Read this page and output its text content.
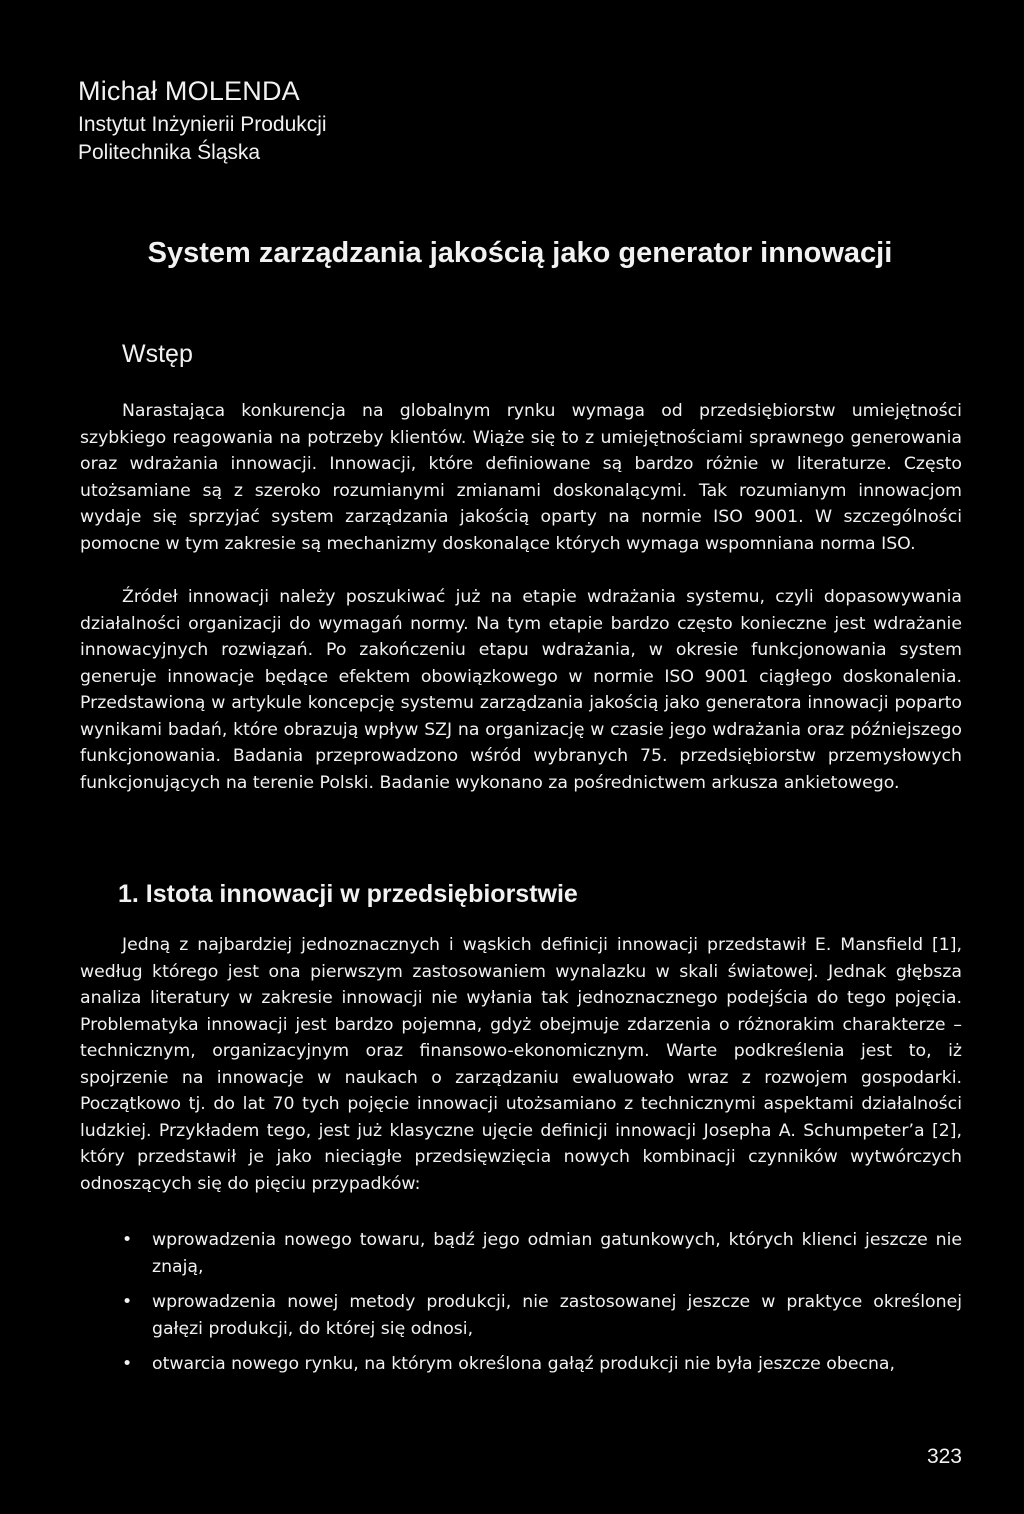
Michał MOLENDA

Instytut Inżynierii Produkcji

Politechnika Śląska

System zarządzania jakością jako generator innowacji
Wstęp

Narastająca konkurencja na globalnym rynku wymaga od przedsiębiorstw umiejętności szybkiego reagowania na potrzeby klientów. Wiąże się to z umiejętnościami sprawnego generowania oraz wdrażania innowacji. Innowacji, które definiowane są bardzo różnie w literaturze. Często utożsamiane są z szeroko rozumianymi zmianami doskonalącymi. Tak rozumianym innowacjom wydaje się sprzyjać system zarządzania jakością oparty na normie ISO 9001. W szczególności pomocne w tym zakresie są mechanizmy doskonalące których wymaga wspomniana norma ISO.

Źródeł innowacji należy poszukiwać już na etapie wdrażania systemu, czyli dopasowywania działalności organizacji do wymagań normy. Na tym etapie bardzo często konieczne jest wdrażanie innowacyjnych rozwiązań. Po zakończeniu etapu wdrażania, w okresie funkcjonowania system generuje innowacje będące efektem obowiązkowego w normie ISO 9001 ciągłego doskonalenia. Przedstawioną w artykule koncepcję systemu zarządzania jakością jako generatora innowacji poparto wynikami badań, które obrazują wpływ SZJ na organizację w czasie jego wdrażania oraz późniejszego funkcjonowania. Badania przeprowadzono wśród wybranych 75. przedsiębiorstw przemysłowych funkcjonujących na terenie Polski. Badanie wykonano za pośrednictwem arkusza ankietowego.

1. Istota innowacji w przedsiębiorstwie

Jedną z najbardziej jednoznacznych i wąskich definicji innowacji przedstawił E. Mansfield [1], według którego jest ona pierwszym zastosowaniem wynalazku w skali światowej. Jednak głębsza analiza literatury w zakresie innowacji nie wyłania tak jednoznacznego podejścia do tego pojęcia. Problematyka innowacji jest bardzo pojemna, gdyż obejmuje zdarzenia o różnorakim charakterze – technicznym, organizacyjnym oraz finansowo-ekonomicznym. Warte podkreślenia jest to, iż spojrzenie na innowacje w naukach o zarządzaniu ewaluowało wraz z rozwojem gospodarki. Początkowo tj. do lat 70 tych pojęcie innowacji utożsamiano z technicznymi aspektami działalności ludzkiej. Przykładem tego, jest już klasyczne ujęcie definicji innowacji Josepha A. Schumpeter’a [2], który przedstawił je jako nieciągłe przedsięwzięcia nowych kombinacji czynników wytwórczych odnoszących się do pięciu przypadków:

• wprowadzenia nowego towaru, bądź jego odmian gatunkowych, których klienci jeszcze nie znają,
• wprowadzenia nowej metody produkcji, nie zastosowanej jeszcze w praktyce określonej gałęzi produkcji, do której się odnosi,
• otwarcia nowego rynku, na którym określona gałąź produkcji nie była jeszcze obecna,

323
